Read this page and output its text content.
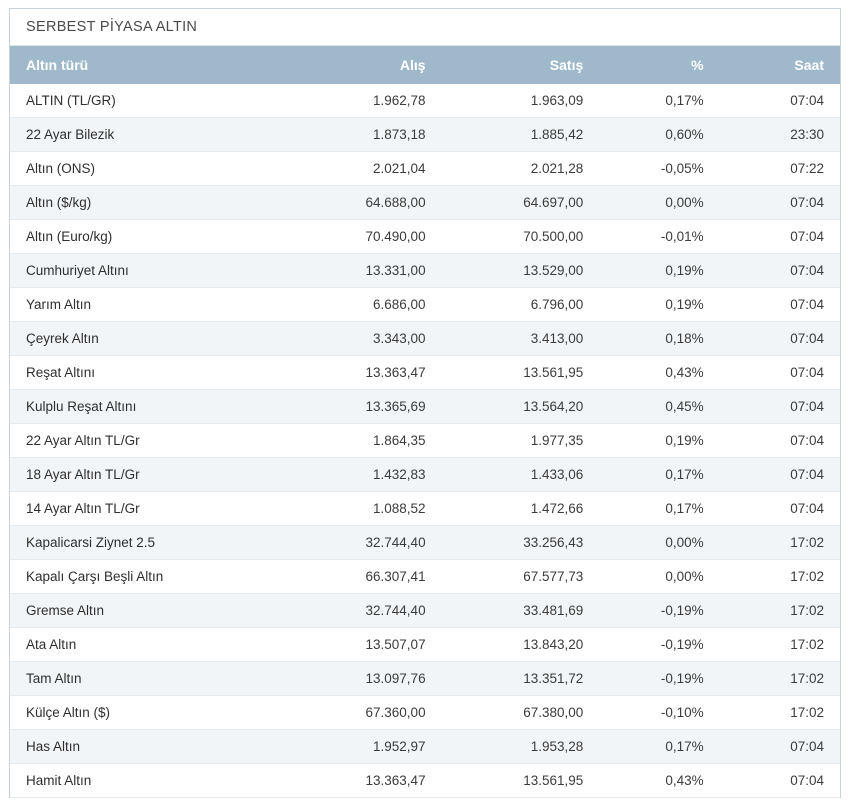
SERBEST PİYASA ALTIN
Altın türü	Alış	Satış	%	Saat
ALTIN (TL/GR)	1.962,78	1.963,09	0,17%	07:04
22 Ayar Bilezik	1.873,18	1.885,42	0,60%	23:30
Altın (ONS)	2.021,04	2.021,28	-0,05%	07:22
Altın ($/kg)	64.688,00	64.697,00	0,00%	07:04
Altın (Euro/kg)	70.490,00	70.500,00	-0,01%	07:04
Cumhuriyet Altını	13.331,00	13.529,00	0,19%	07:04
Yarım Altın	6.686,00	6.796,00	0,19%	07:04
Çeyrek Altın	3.343,00	3.413,00	0,18%	07:04
Reşat Altını	13.363,47	13.561,95	0,43%	07:04
Kulplu Reşat Altını	13.365,69	13.564,20	0,45%	07:04
22 Ayar Altın TL/Gr	1.864,35	1.977,35	0,19%	07:04
18 Ayar Altın TL/Gr	1.432,83	1.433,06	0,17%	07:04
14 Ayar Altın TL/Gr	1.088,52	1.472,66	0,17%	07:04
Kapalicarsi Ziynet 2.5	32.744,40	33.256,43	0,00%	17:02
Kapalı Çarşı Beşli Altın	66.307,41	67.577,73	0,00%	17:02
Gremse Altın	32.744,40	33.481,69	-0,19%	17:02
Ata Altın	13.507,07	13.843,20	-0,19%	17:02
Tam Altın	13.097,76	13.351,72	-0,19%	17:02
Külçe Altın ($)	67.360,00	67.380,00	-0,10%	17:02
Has Altın	1.952,97	1.953,28	0,17%	07:04
Hamit Altın	13.363,47	13.561,95	0,43%	07:04
